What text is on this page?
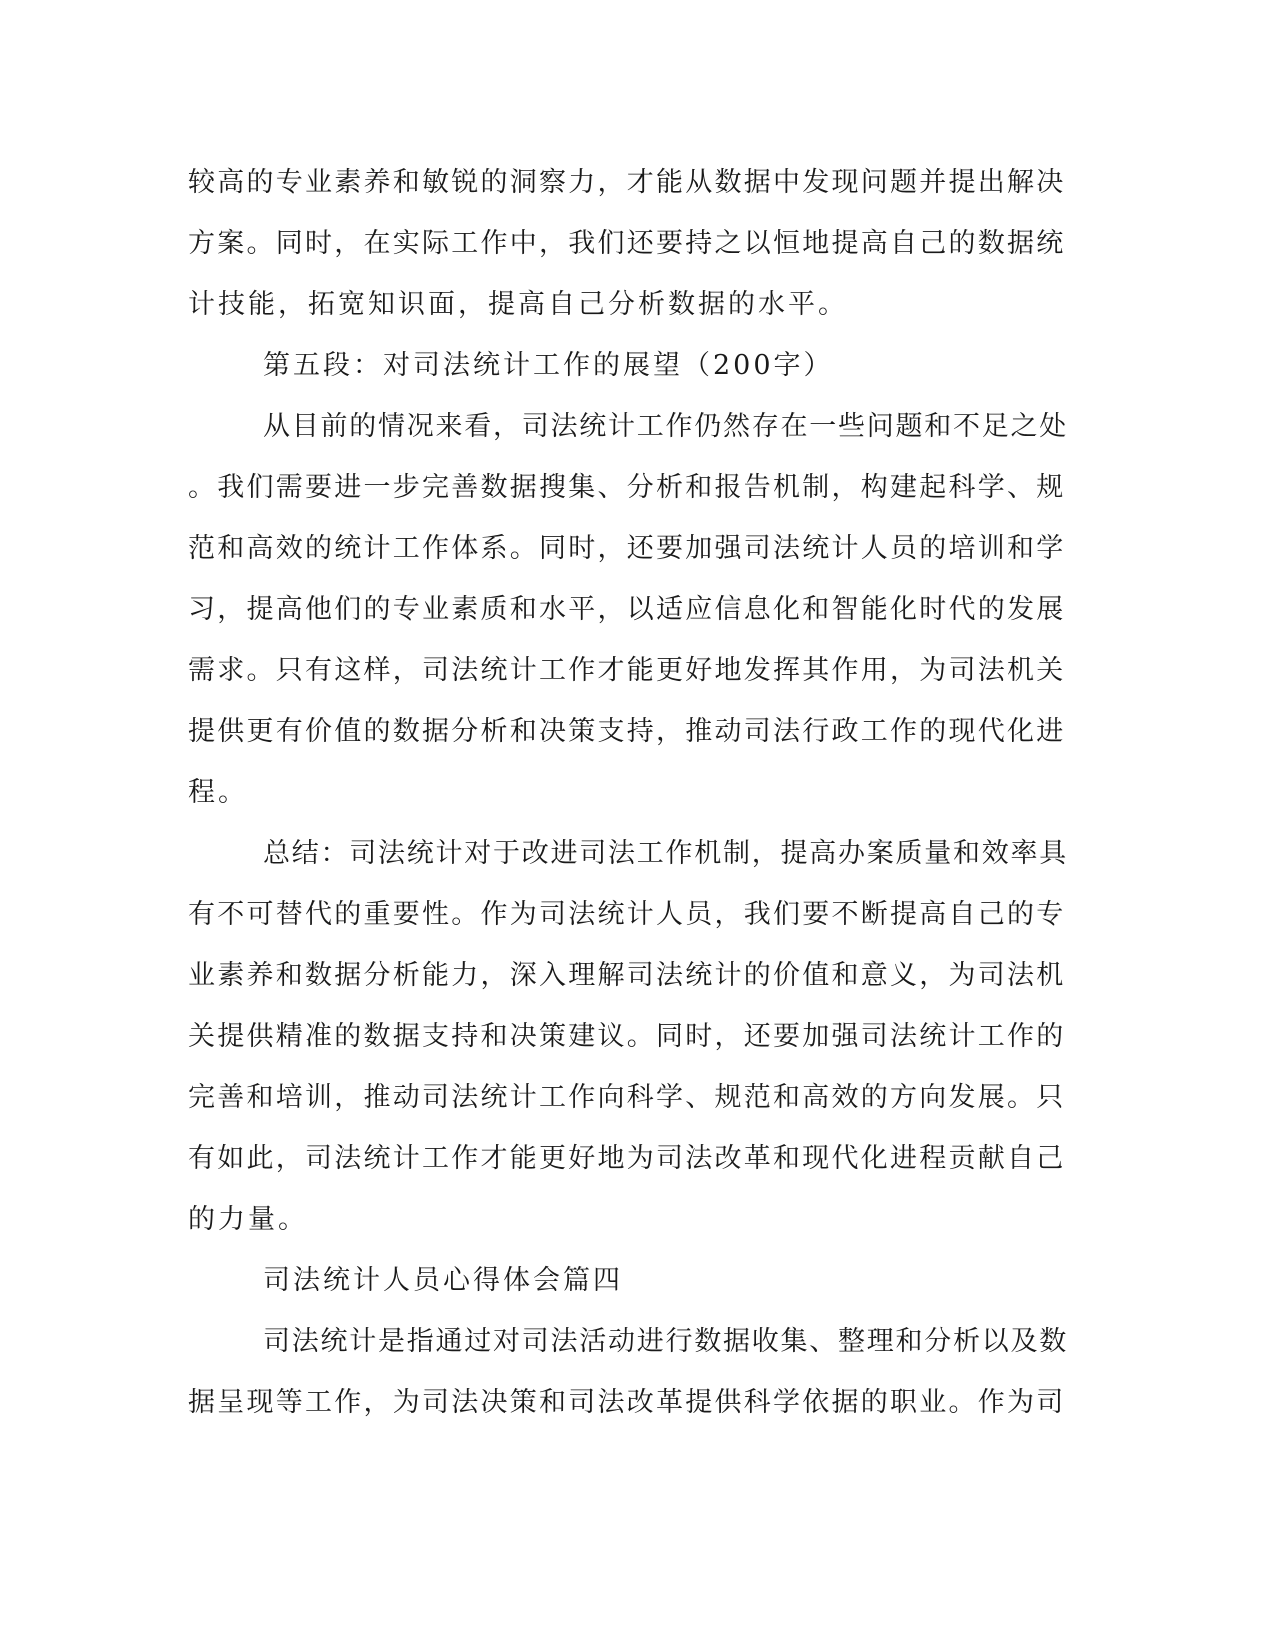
较高的专业素养和敏锐的洞察力，才能从数据中发现问题并提出解决
方案。同时，在实际工作中，我们还要持之以恒地提高自己的数据统
计技能，拓宽知识面，提高自己分析数据的水平。
第五段：对司法统计工作的展望（200字）
从目前的情况来看，司法统计工作仍然存在一些问题和不足之处
。我们需要进一步完善数据搜集、分析和报告机制，构建起科学、规
范和高效的统计工作体系。同时，还要加强司法统计人员的培训和学
习，提高他们的专业素质和水平，以适应信息化和智能化时代的发展
需求。只有这样，司法统计工作才能更好地发挥其作用，为司法机关
提供更有价值的数据分析和决策支持，推动司法行政工作的现代化进
程。
总结：司法统计对于改进司法工作机制，提高办案质量和效率具
有不可替代的重要性。作为司法统计人员，我们要不断提高自己的专
业素养和数据分析能力，深入理解司法统计的价值和意义，为司法机
关提供精准的数据支持和决策建议。同时，还要加强司法统计工作的
完善和培训，推动司法统计工作向科学、规范和高效的方向发展。只
有如此，司法统计工作才能更好地为司法改革和现代化进程贡献自己
的力量。
司法统计人员心得体会篇四
司法统计是指通过对司法活动进行数据收集、整理和分析以及数
据呈现等工作，为司法决策和司法改革提供科学依据的职业。作为司
